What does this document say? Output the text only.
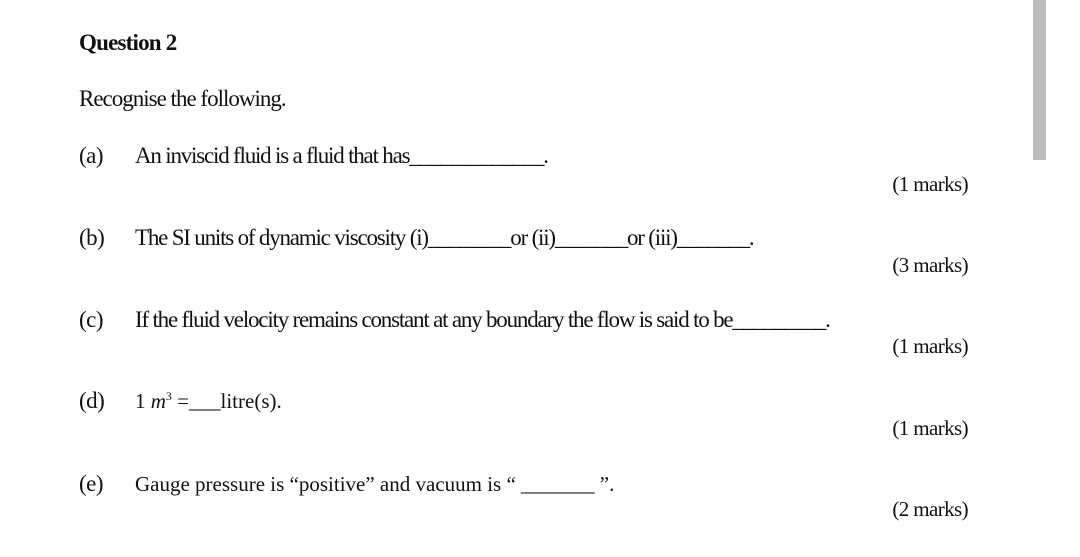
Question 2
Recognise the following.
(a) An inviscid fluid is a fluid that has_____________.
(1 marks)
(b) The SI units of dynamic viscosity (i)________or (ii)_______or (iii)_______.
(3 marks)
(c) If the fluid velocity remains constant at any boundary the flow is said to be_________.
(1 marks)
(d) 1 $m^3$ =___litre(s).
(1 marks)
(e) Gauge pressure is “positive” and vacuum is “ _______ ”.
(2 marks)
